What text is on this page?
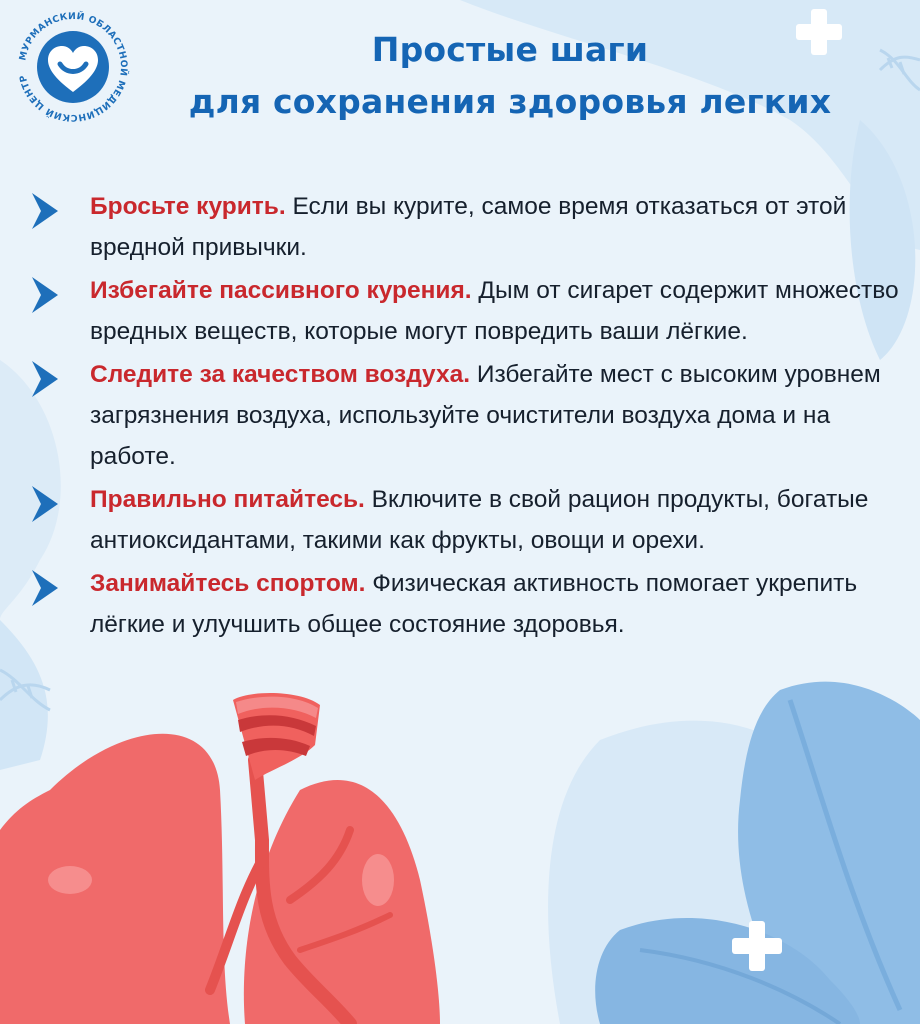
МУРМАНСКИЙ ОБЛАСТНОЙ МЕДИЦИНСКИЙ ЦЕНТР
Простые шаги
для сохранения здоровья легких
Бросьте курить. Если вы курите, самое время отказаться от этой вредной привычки.
Избегайте пассивного курения. Дым от сигарет содержит множество вредных веществ, которые могут повредить ваши лёгкие.
Следите за качеством воздуха. Избегайте мест с высоким уровнем загрязнения воздуха, используйте очистители воздуха дома и на работе.
Правильно питайтесь. Включите в свой рацион продукты, богатые антиоксидантами, такими как фрукты, овощи и орехи.
Занимайтесь спортом. Физическая активность помогает укрепить лёгкие и улучшить общее состояние здоровья.
